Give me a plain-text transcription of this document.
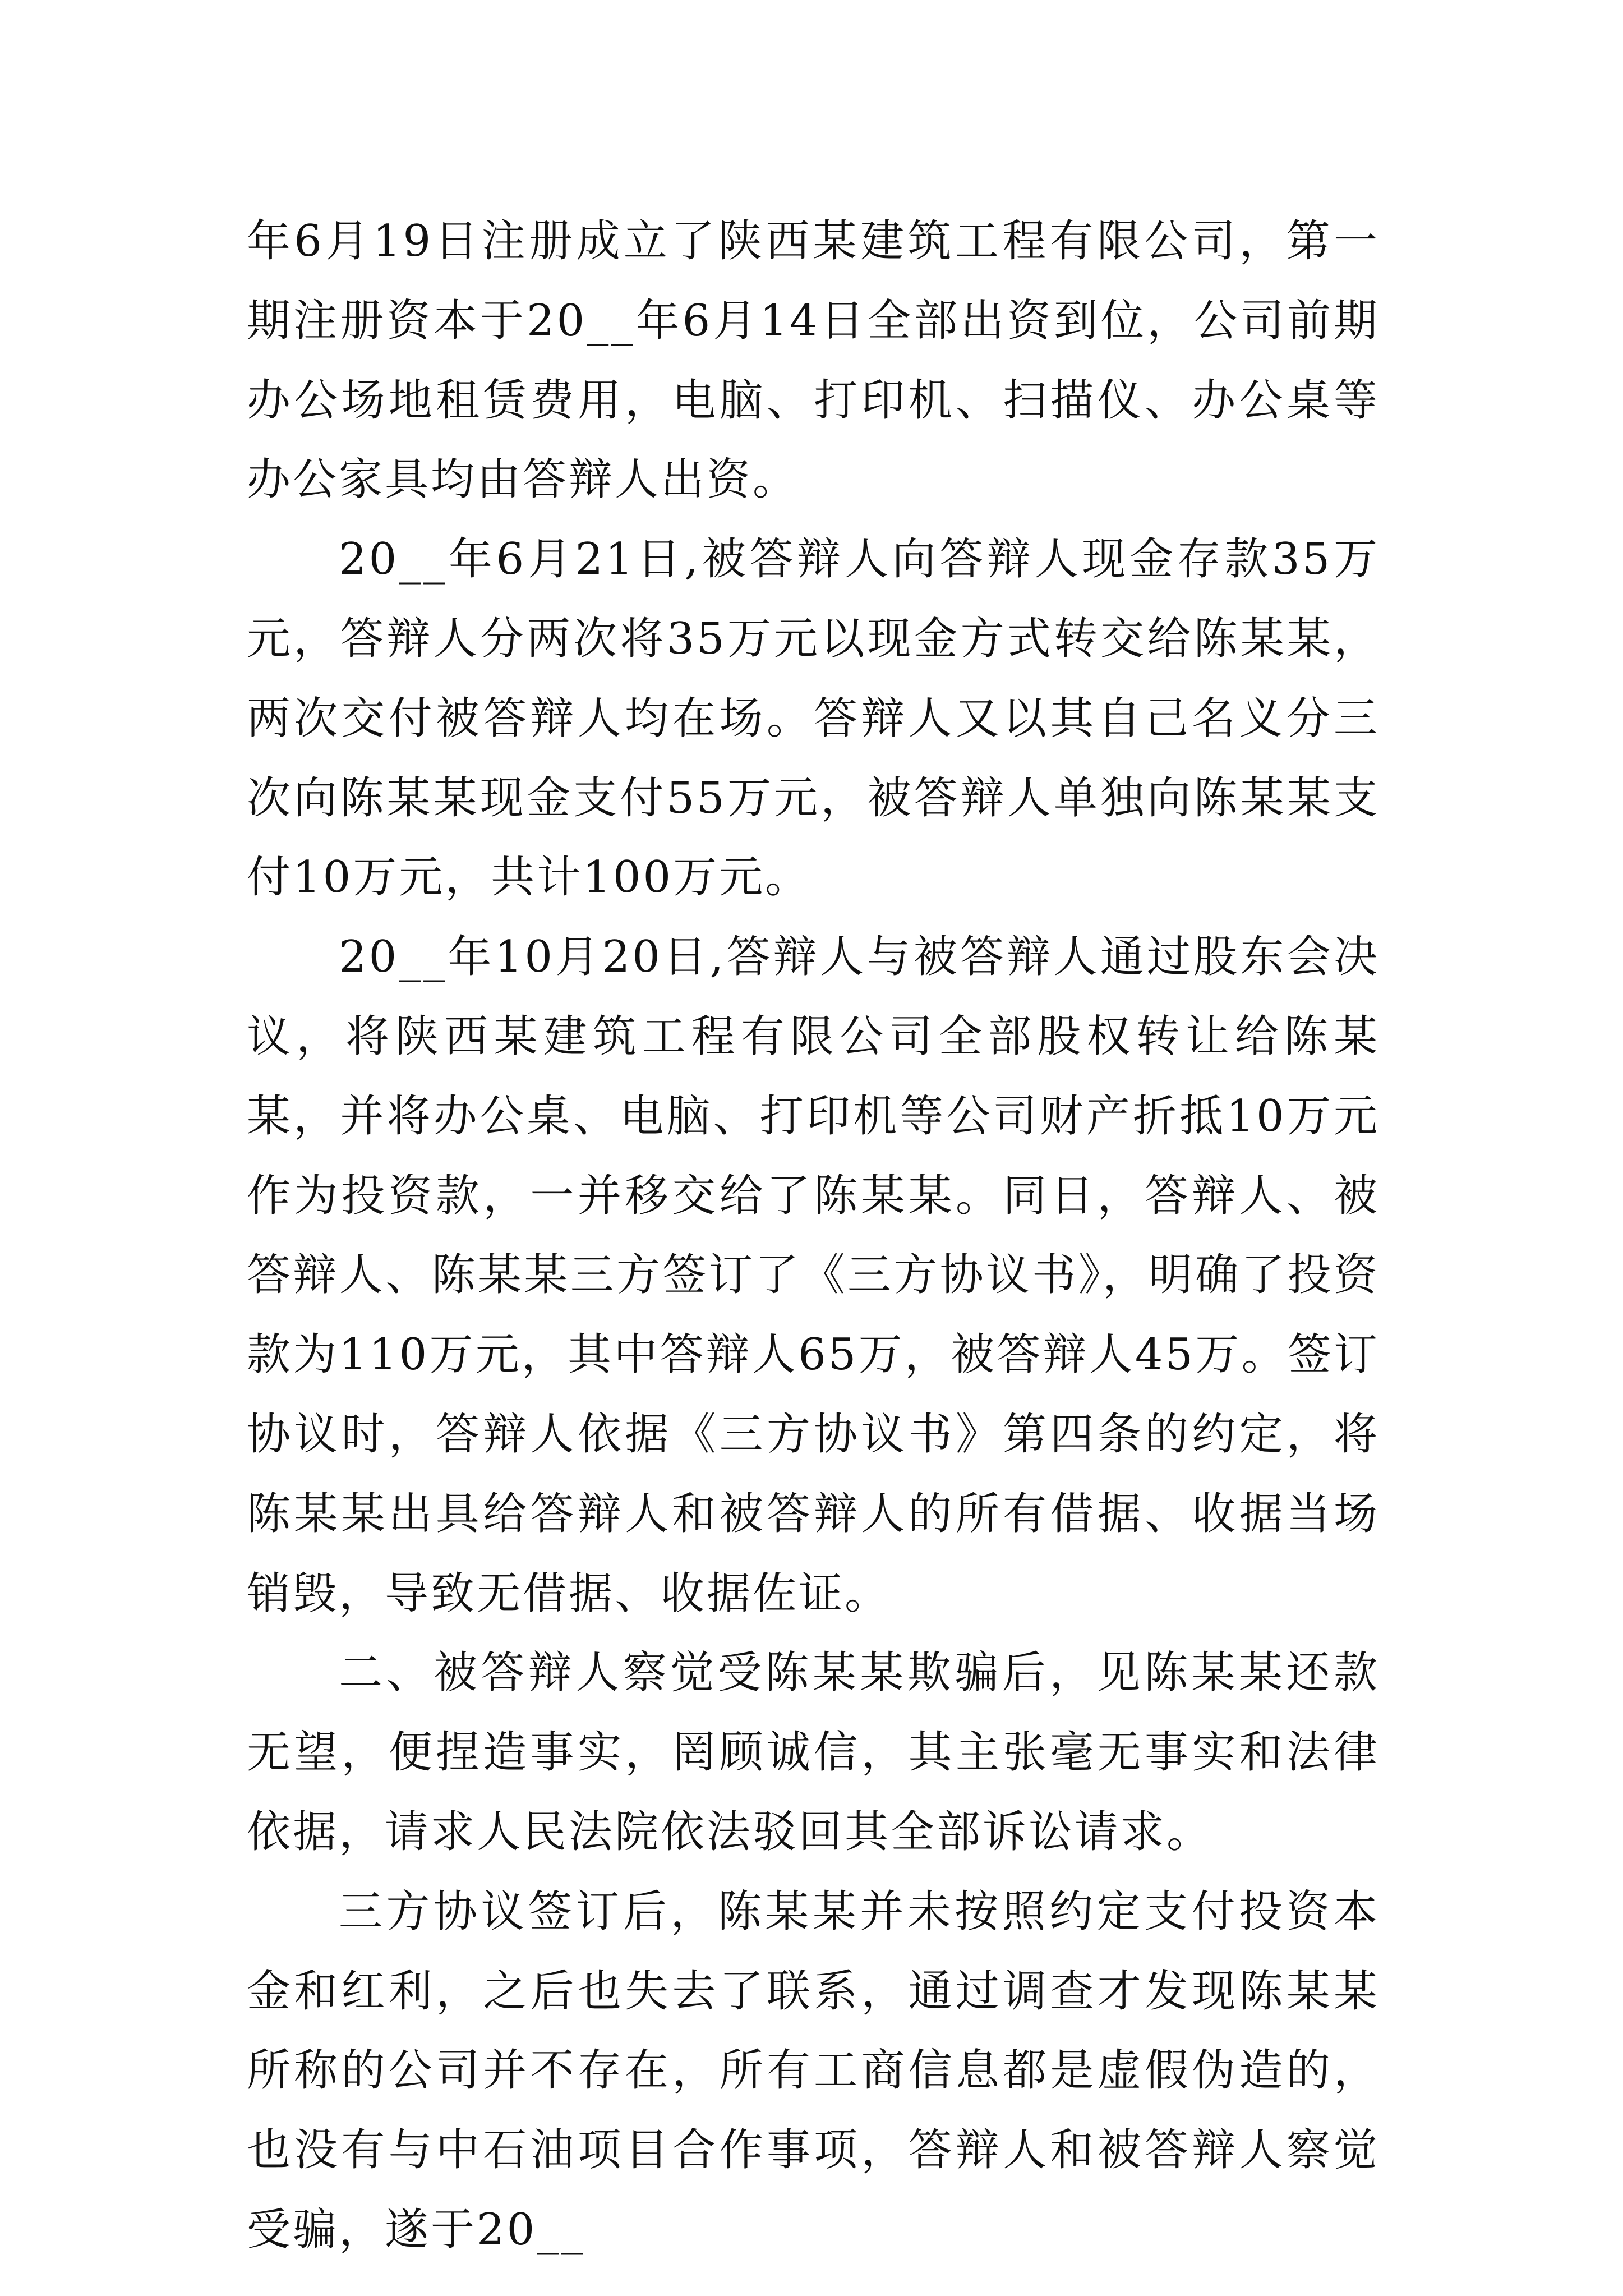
年6月19日注册成立了陕西某建筑工程有限公司，第一期注册资本于20__年6月14日全部出资到位，公司前期办公场地租赁费用，电脑、打印机、扫描仪、办公桌等办公家具均由答辩人出资。

20__年6月21日,被答辩人向答辩人现金存款35万元，答辩人分两次将35万元以现金方式转交给陈某某，两次交付被答辩人均在场。答辩人又以其自己名义分三次向陈某某现金支付55万元，被答辩人单独向陈某某支付10万元，共计100万元。

20__年10月20日,答辩人与被答辩人通过股东会决议，将陕西某建筑工程有限公司全部股权转让给陈某某，并将办公桌、电脑、打印机等公司财产折抵10万元作为投资款，一并移交给了陈某某。同日，答辩人、被答辩人、陈某某三方签订了《三方协议书》，明确了投资款为110万元，其中答辩人65万，被答辩人45万。签订协议时，答辩人依据《三方协议书》第四条的约定，将陈某某出具给答辩人和被答辩人的所有借据、收据当场销毁，导致无借据、收据佐证。

二、被答辩人察觉受陈某某欺骗后，见陈某某还款无望，便捏造事实，罔顾诚信，其主张毫无事实和法律依据，请求人民法院依法驳回其全部诉讼请求。

三方协议签订后，陈某某并未按照约定支付投资本金和红利，之后也失去了联系，通过调查才发现陈某某所称的公司并不存在，所有工商信息都是虚假伪造的，也没有与中石油项目合作事项，答辩人和被答辩人察觉受骗，遂于20__
